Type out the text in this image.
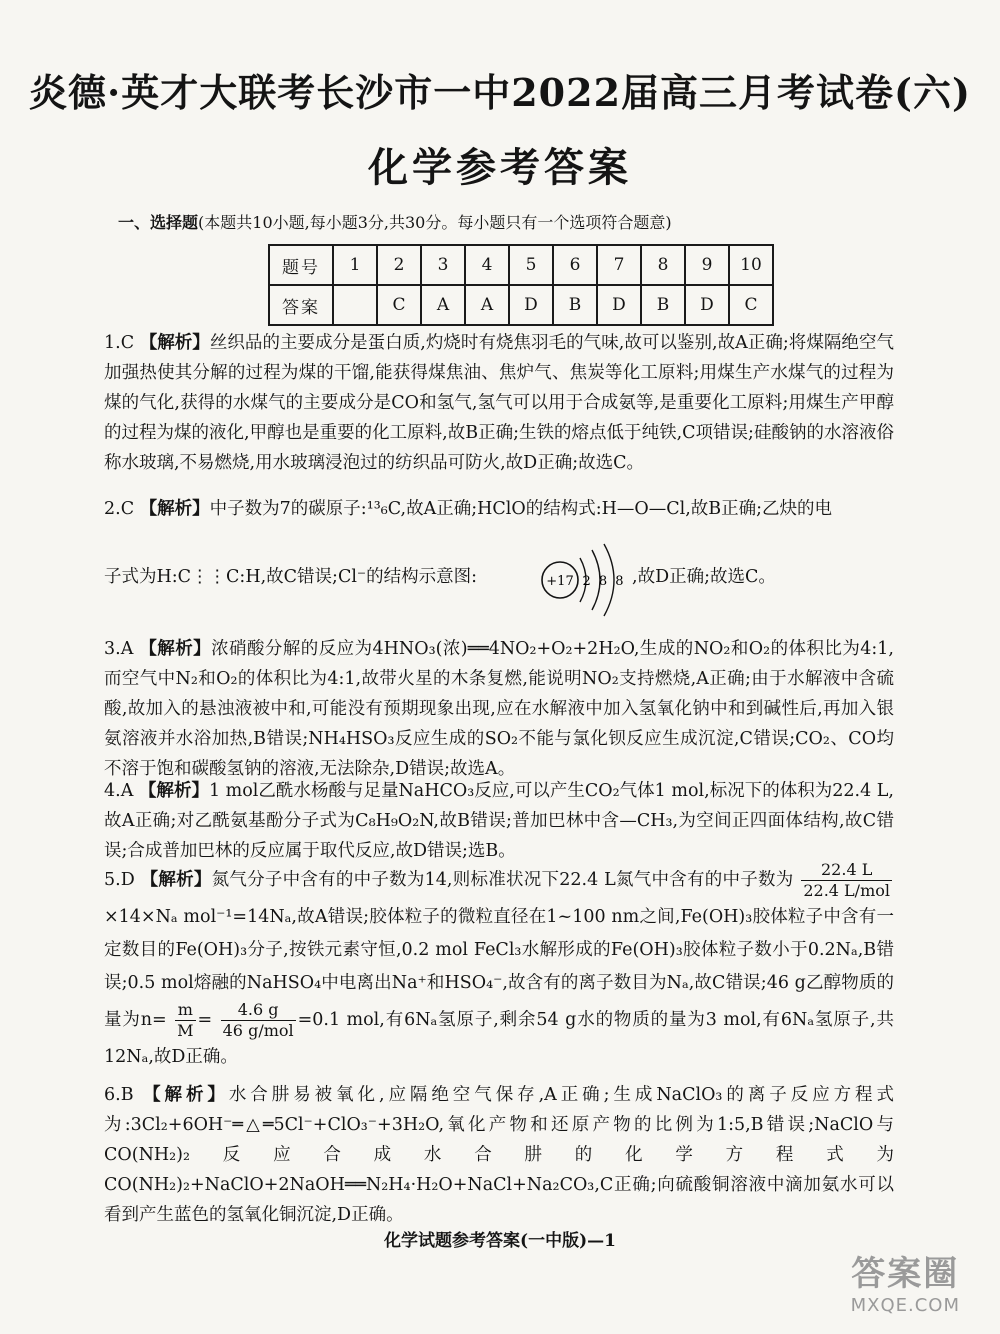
炎德·英才大联考长沙市一中2022届高三月考试卷(六)
化学参考答案
一、选择题(本题共10小题,每小题3分,共30分。每小题只有一个选项符合题意)
题号	1	2	3	4	5	6	7	8	9	10
答案		C	A	A	D	B	D	B	D	C
1.C 【解析】丝织品的主要成分是蛋白质,灼烧时有烧焦羽毛的气味,故可以鉴别,故A正确;将煤隔绝空气加强热使其分解的过程为煤的干馏,能获得煤焦油、焦炉气、焦炭等化工原料;用煤生产水煤气的过程为煤的气化,获得的水煤气的主要成分是CO和氢气,氢气可以用于合成氨等,是重要化工原料;用煤生产甲醇的过程为煤的液化,甲醇也是重要的化工原料,故B正确;生铁的熔点低于纯铁,C项错误;硅酸钠的水溶液俗称水玻璃,不易燃烧,用水玻璃浸泡过的纺织品可防火,故D正确;故选C。
2.C 【解析】中子数为7的碳原子:¹³₆C,故A正确;HClO的结构式:H—O—Cl,故B正确;乙炔的电
子式为H:C⋮⋮C:H,故C错误;Cl⁻的结构示意图:	+17 2 8 8 ,故D正确;故选C。
3.A 【解析】浓硝酸分解的反应为4HNO₃(浓)══4NO₂+O₂+2H₂O,生成的NO₂和O₂的体积比为4:1,而空气中N₂和O₂的体积比为4:1,故带火星的木条复燃,能说明NO₂支持燃烧,A正确;由于水解液中含硫酸,故加入的悬浊液被中和,可能没有预期现象出现,应在水解液中加入氢氧化钠中和到碱性后,再加入银氨溶液并水浴加热,B错误;NH₄HSO₃反应生成的SO₂不能与氯化钡反应生成沉淀,C错误;CO₂、CO均不溶于饱和碳酸氢钠的溶液,无法除杂,D错误;故选A。
4.A 【解析】1 mol乙酰水杨酸与足量NaHCO₃反应,可以产生CO₂气体1 mol,标况下的体积为22.4 L,故A正确;对乙酰氨基酚分子式为C₈H₉O₂N,故B错误;普加巴林中含—CH₃,为空间正四面体结构,故C错误;合成普加巴林的反应属于取代反应,故D错误;选B。
5.D 【解析】氮气分子中含有的中子数为14,则标准状况下22.4 L氮气中含有的中子数为 $\frac{22.4 L}{\text{22.4 L/mol}}$
×14×Nₐ mol⁻¹=14Nₐ,故A错误;胶体粒子的微粒直径在1~100 nm之间,Fe(OH)₃胶体粒子中含有一定数目的Fe(OH)₃分子,按铁元素守恒,0.2 mol FeCl₃水解形成的Fe(OH)₃胶体粒子数小于0.2Nₐ,B错误;0.5 mol熔融的NaHSO₄中电离出Na⁺和HSO₄⁻,故含有的离子数目为Nₐ,故C错误;46 g乙醇物质的量为$n= \frac{m}{M} = \frac{4.6 g}{\text{46 g/mol}} =0.1$ mol,有6Nₐ氢原子,剩余54 g水的物质的量为3 mol,有6Nₐ氢原子,共12Nₐ,故D正确。
6.B 【解析】水合肼易被氧化,应隔绝空气保存,A正确;生成NaClO₃的离子反应方程式为:3Cl₂+6OH⁻═△═5Cl⁻+ClO₃⁻+3H₂O,氧化产物和还原产物的比例为1:5,B错误;NaClO与CO(NH₂)₂反应合成水合肼的化学方程式为CO(NH₂)₂+NaClO+2NaOH══N₂H₄·H₂O+NaCl+Na₂CO₃,C正确;向硫酸铜溶液中滴加氨水可以看到产生蓝色的氢氧化铜沉淀,D正确。
化学试题参考答案(一中版)—1
答案圈
MXQE.COM
